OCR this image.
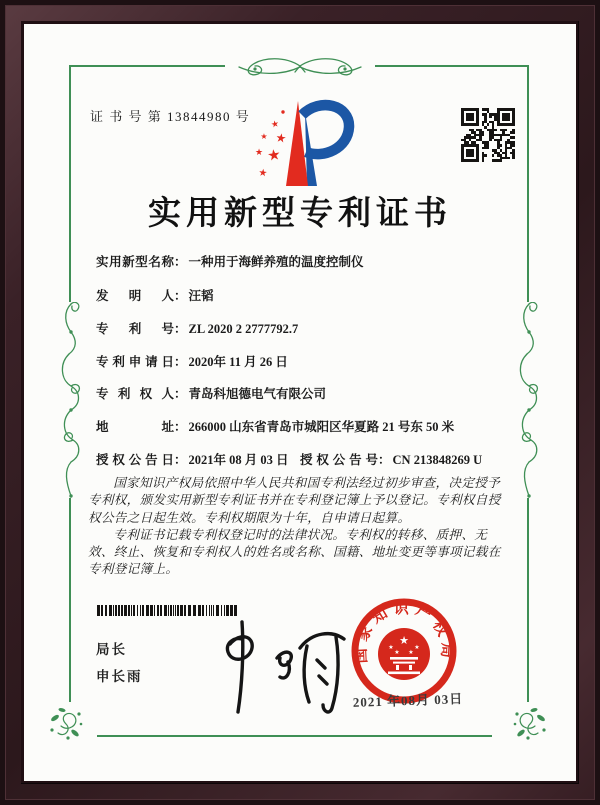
证 书 号 第 13844980 号
★
★ ★
★ ★
★
实用新型专利证书
实用新型名称： 一种用于海鲜养殖的温度控制仪
发明人： 汪韬
专利号： ZL 2020 2 2777792.7
专利申请日： 2020年 11 月 26 日
专利权人： 青岛科旭德电气有限公司
地址： 266000 山东省青岛市城阳区华夏路 21 号东 50 米
授权公告日： 2021年 08 月 03 日 授权公告号： CN 213848269 U

国家知识产权局依照中华人民共和国专利法经过初步审查，决定授予专利权，颁发实用新型专利证书并在专利登记簿上予以登记。专利权自授权公告之日起生效。专利权期限为十年，自申请日起算。

专利证书记载专利权登记时的法律状况。专利权的转移、质押、无效、终止、恢复和专利权人的姓名或名称、国籍、地址变更等事项记载在专利登记簿上。

局长
申长雨
国家知识产权局
★
★
★ ★
★
2021 年08月 03日
